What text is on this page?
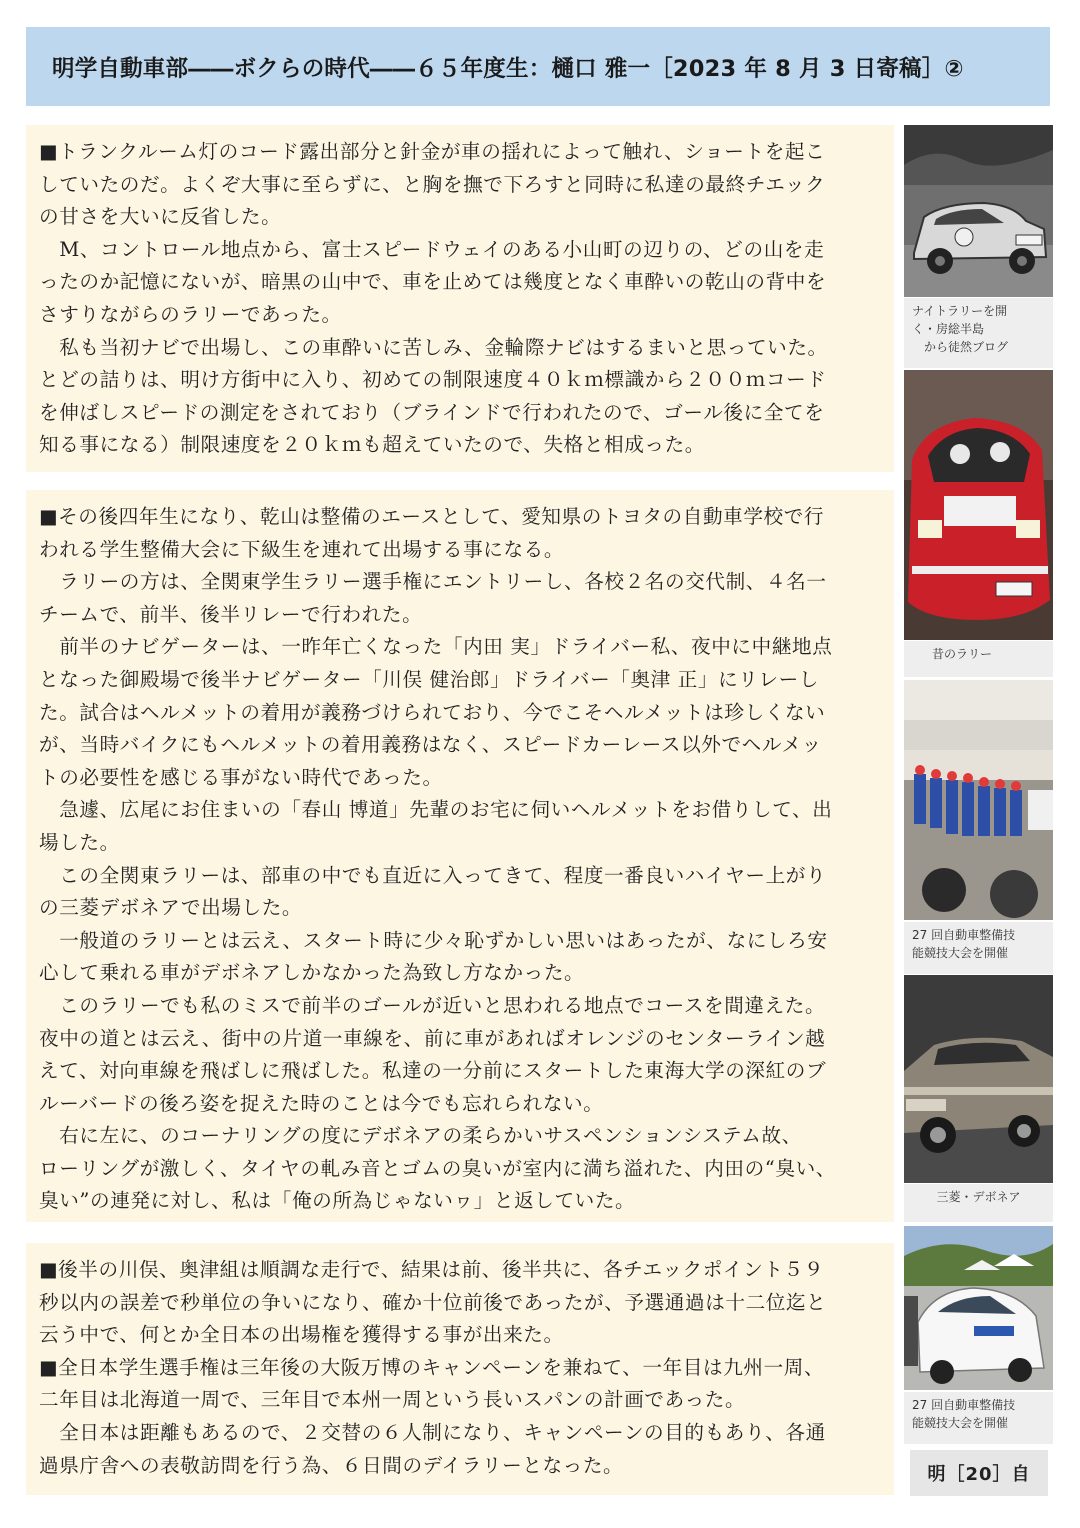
明学自動車部――ボクらの時代――６５年度生：樋口 雅一［2023 年 8 月 3 日寄稿］②

■トランクルーム灯のコード露出部分と針金が車の揺れによって触れ、ショートを起こ

していたのだ。よくぞ大事に至らずに、と胸を撫で下ろすと同時に私達の最終チエック

の甘さを大いに反省した。

　M、コントロール地点から、富士スピードウェイのある小山町の辺りの、どの山を走

ったのか記憶にないが、暗黒の山中で、車を止めては幾度となく車酔いの乾山の背中を

さすりながらのラリーであった。

　私も当初ナビで出場し、この車酔いに苦しみ、金輪際ナビはするまいと思っていた。

とどの詰りは、明け方街中に入り、初めての制限速度４０ｋｍ標識から２００ｍコード

を伸ばしスピードの測定をされており（ブラインドで行われたので、ゴール後に全てを

知る事になる）制限速度を２０ｋｍも超えていたので、失格と相成った。

■その後四年生になり、乾山は整備のエースとして、愛知県のトヨタの自動車学校で行

われる学生整備大会に下級生を連れて出場する事になる。

　ラリーの方は、全関東学生ラリー選手権にエントリーし、各校２名の交代制、４名一

チームで、前半、後半リレーで行われた。

　前半のナビゲーターは、一昨年亡くなった「内田 実」ドライバー私、夜中に中継地点

となった御殿場で後半ナビゲーター「川俣 健治郎」ドライバー「奥津 正」にリレーし

た。試合はヘルメットの着用が義務づけられており、今でこそヘルメットは珍しくない

が、当時バイクにもヘルメットの着用義務はなく、スピードカーレース以外でヘルメッ

トの必要性を感じる事がない時代であった。

　急遽、広尾にお住まいの「春山 博道」先輩のお宅に伺いヘルメットをお借りして、出

場した。

　この全関東ラリーは、部車の中でも直近に入ってきて、程度一番良いハイヤー上がり

の三菱デボネアで出場した。

　一般道のラリーとは云え、スタート時に少々恥ずかしい思いはあったが、なにしろ安

心して乗れる車がデボネアしかなかった為致し方なかった。

　このラリーでも私のミスで前半のゴールが近いと思われる地点でコースを間違えた。

夜中の道とは云え、街中の片道一車線を、前に車があればオレンジのセンターライン越

えて、対向車線を飛ばしに飛ばした。私達の一分前にスタートした東海大学の深紅のブ

ルーバードの後ろ姿を捉えた時のことは今でも忘れられない。

　右に左に、のコーナリングの度にデボネアの柔らかいサスペンションシステム故、

ローリングが激しく、タイヤの軋み音とゴムの臭いが室内に満ち溢れた、内田の“臭い、

臭い”の連発に対し、私は「俺の所為じゃないヮ」と返していた。

■後半の川俣、奥津組は順調な走行で、結果は前、後半共に、各チエックポイント５９

秒以内の誤差で秒単位の争いになり、確か十位前後であったが、予選通過は十二位迄と

云う中で、何とか全日本の出場権を獲得する事が出来た。

■全日本学生選手権は三年後の大阪万博のキャンペーンを兼ねて、一年目は九州一周、

二年目は北海道一周で、三年目で本州一周という長いスパンの計画であった。

　全日本は距離もあるので、２交替の６人制になり、キャンペーンの目的もあり、各通

過県庁舎への表敬訪問を行う為、６日間のデイラリーとなった。

ナイトラリーを開
く・房総半島
から徒然ブログ
昔のラリー
27 回自動車整備技
能競技大会を開催
三菱・デボネア
27 回自動車整備技
能競技大会を開催
明［20］自
